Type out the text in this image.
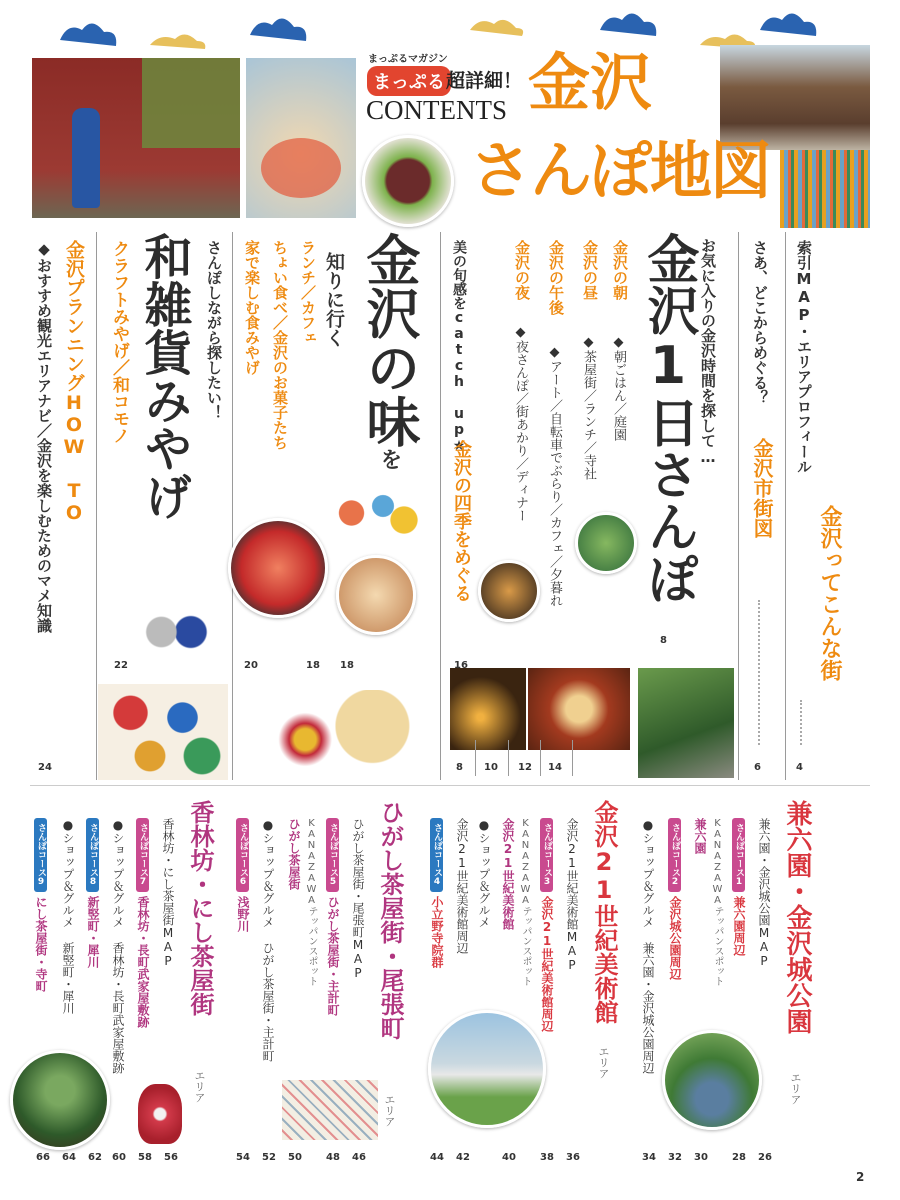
まっぷるマガジン
まっぷる 超詳細！
CONTENTS 金沢
さんぽ地図
索引MAP・エリアプロフィール
金沢ってこんな街
4
さあ、どこからめぐる？
金沢市街図
6
お気に入りの金沢時間を探して…
金沢1日さんぽ
8
金沢の朝
◆朝ごはん／庭園
金沢の昼
◆茶屋街／ランチ／寺社
金沢の午後
◆アート／自転車でぶらり／カフェ／夕暮れ
金沢の夜
◆夜さんぽ／街あかり／ディナー
8 10 12 14
美の旬感をcatch up★
金沢の四季をめぐる
16
金沢の味
を
知りに行く
ランチ／カフェ
ちょい食べ／金沢のお菓子たち
家で楽しむ食みやげ
20	18 18
さんぽしながら探したい！
和雑貨みやげ
クラフトみやげ／和コモノ
22
金沢プランニングHOW TO
◆おすすめ観光エリアナビ／金沢を楽しむためのマメ知識
24
兼六園・金沢城公園
エリア
兼六園・金沢城公園MAP
さんぽコース1兼六園周辺
KANAZAWAテッパンスポット
兼六園
さんぽコース2金沢城公園周辺
●ショップ＆グルメ 兼六園・金沢城公園周辺
34 32 30 28 26
金沢21世紀美術館
エリア
金沢21世紀美術館MAP
さんぽコース3金沢21世紀美術館周辺
KANAZAWAテッパンスポット
金沢21世紀美術館
●ショップ＆グルメ
金沢21世紀美術館周辺
さんぽコース4小立野寺院群
44 42	40 38 36
ひがし茶屋街・尾張町
エリア
ひがし茶屋街・尾張町MAP
さんぽコース5ひがし茶屋街・主計町
KANAZAWAテッパンスポット
ひがし茶屋街
●ショップ＆グルメ ひがし茶屋街・主計町
さんぽコース6浅野川
54 52 50 48 46
香林坊・にし茶屋街
エリア
香林坊・にし茶屋街MAP
さんぽコース7香林坊・長町武家屋敷跡
●ショップ＆グルメ 香林坊・長町武家屋敷跡
さんぽコース8新竪町・犀川
●ショップ＆グルメ 新竪町・犀川
さんぽコース9にし茶屋街・寺町
66 64 62 60 58 56
2
